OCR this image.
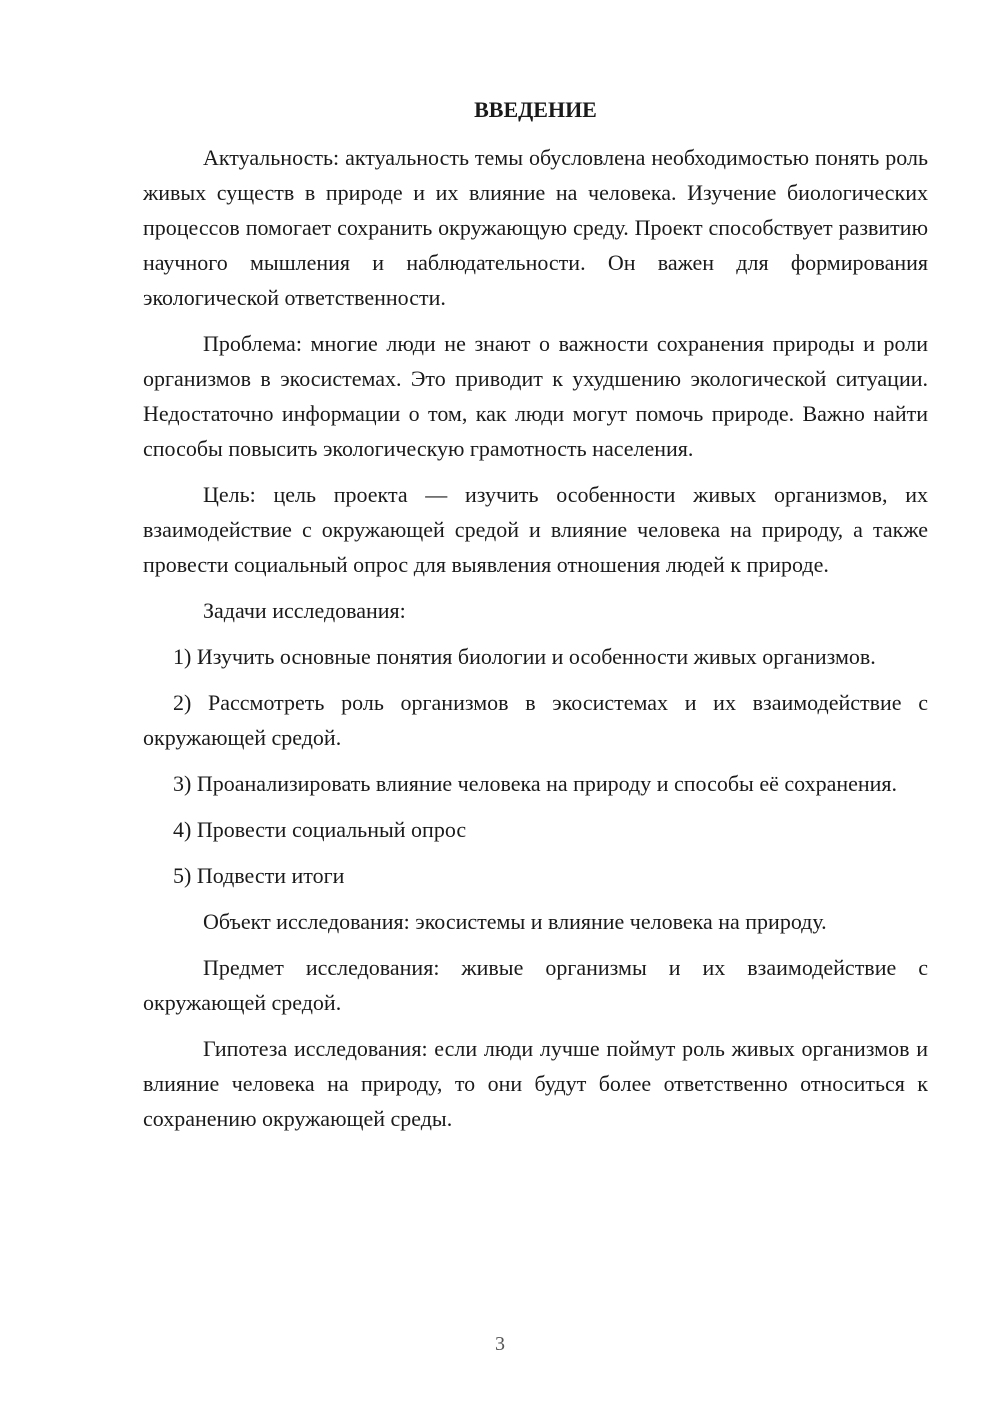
ВВЕДЕНИЕ

Актуальность: актуальность темы обусловлена необходимостью понять роль живых существ в природе и их влияние на человека. Изучение биологических процессов помогает сохранить окружающую среду. Проект способствует развитию научного мышления и наблюдательности. Он важен для формирования экологической ответственности.

Проблема: многие люди не знают о важности сохранения природы и роли организмов в экосистемах. Это приводит к ухудшению экологической ситуации. Недостаточно информации о том, как люди могут помочь природе. Важно найти способы повысить экологическую грамотность населения.

Цель: цель проекта — изучить особенности живых организмов, их взаимодействие с окружающей средой и влияние человека на природу, а также провести социальный опрос для выявления отношения людей к природе.

Задачи исследования:

1) Изучить основные понятия биологии и особенности живых организмов.

2) Рассмотреть роль организмов в экосистемах и их взаимодействие с окружающей средой.

3) Проанализировать влияние человека на природу и способы её сохранения.

4) Провести социальный опрос

5) Подвести итоги

Объект исследования: экосистемы и влияние человека на природу.

Предмет исследования: живые организмы и их взаимодействие с окружающей средой.

Гипотеза исследования: если люди лучше поймут роль живых организмов и влияние человека на природу, то они будут более ответственно относиться к сохранению окружающей среды.

3
